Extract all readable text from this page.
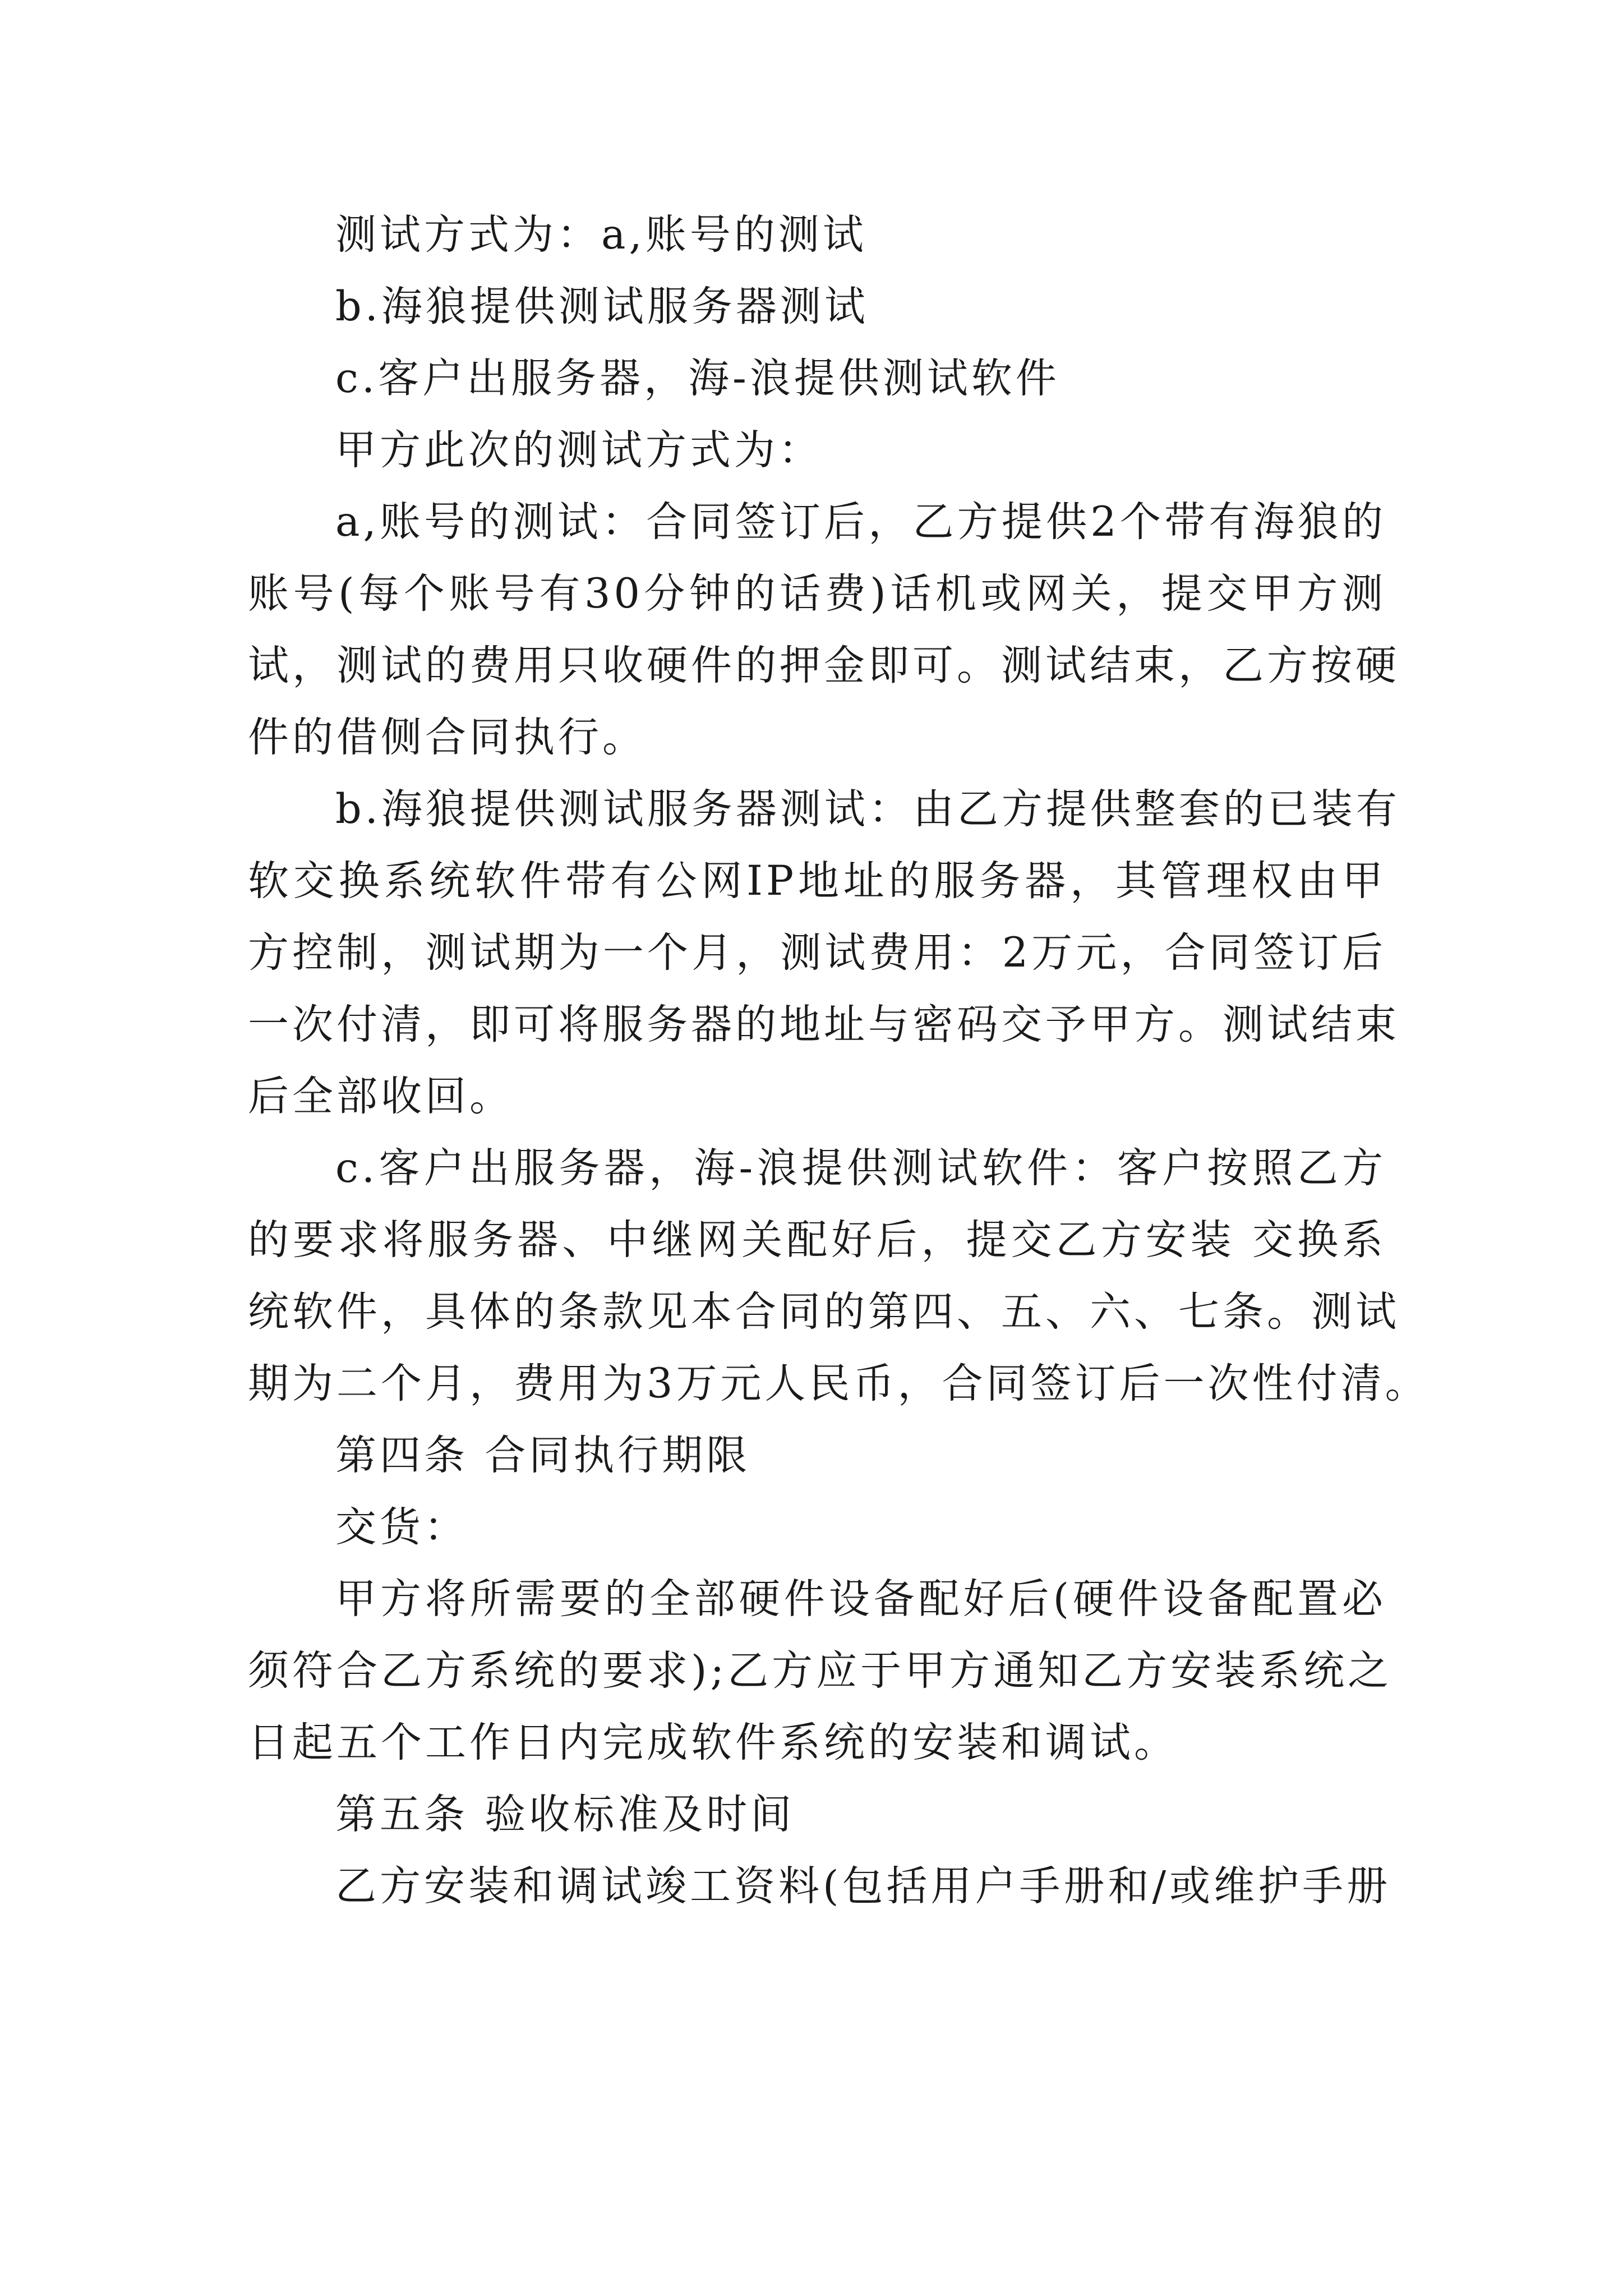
测试方式为：a,账号的测试

b.海狼提供测试服务器测试

c.客户出服务器，海-浪提供测试软件

甲方此次的测试方式为：

a,账号的测试：合同签订后，乙方提供2个带有海狼的
账号(每个账号有30分钟的话费)话机或网关，提交甲方测
试，测试的费用只收硬件的押金即可。测试结束，乙方按硬
件的借侧合同执行。
b.海狼提供测试服务器测试：由乙方提供整套的已装有
软交换系统软件带有公网IP地址的服务器，其管理权由甲
方控制，测试期为一个月，测试费用：2万元，合同签订后
一次付清，即可将服务器的地址与密码交予甲方。测试结束
后全部收回。
c.客户出服务器，海-浪提供测试软件：客户按照乙方
的要求将服务器、中继网关配好后，提交乙方安装 交换系
统软件，具体的条款见本合同的第四、五、六、七条。测试
期为二个月，费用为3万元人民币，合同签订后一次性付清。

第四条 合同执行期限

交货：

甲方将所需要的全部硬件设备配好后(硬件设备配置必
须符合乙方系统的要求);乙方应于甲方通知乙方安装系统之
日起五个工作日内完成软件系统的安装和调试。

第五条 验收标准及时间

乙方安装和调试竣工资料(包括用户手册和/或维护手册
